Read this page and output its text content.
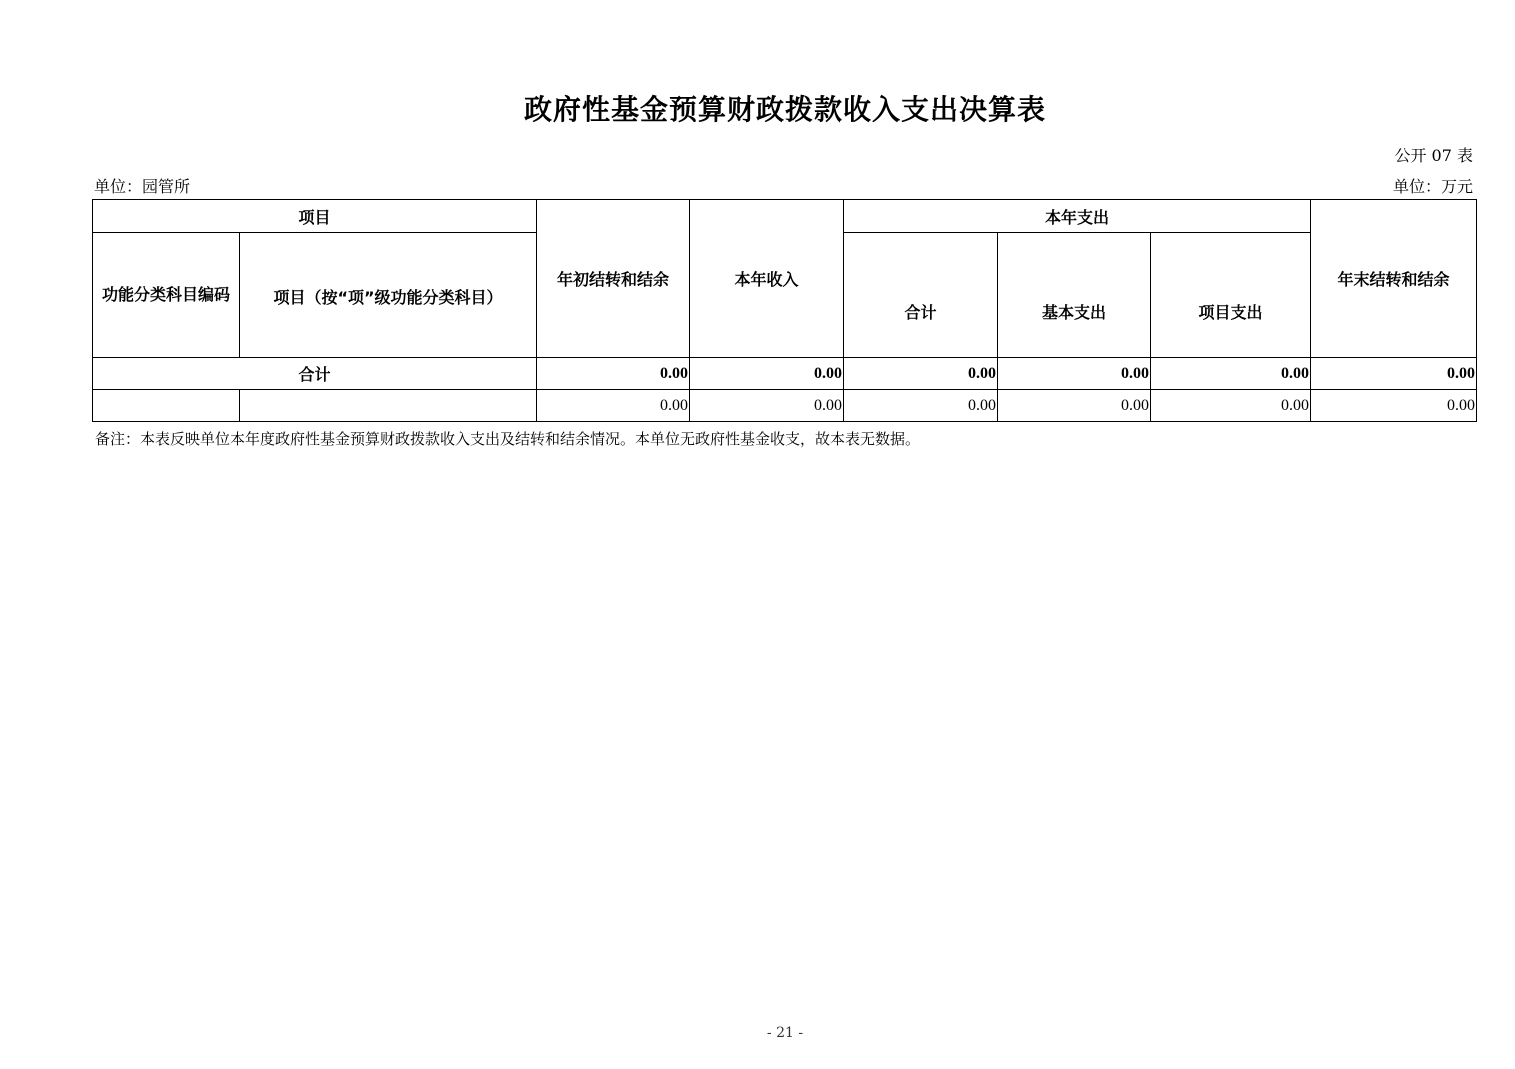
政府性基金预算财政拨款收入支出决算表
公开 07 表
单位：园管所	单位：万元
项目		年初结转和结余	本年收入	本年支出			年末结转和结余
功能分类科目编码	项目（按“项”级功能分类科目）			合计	基本支出	项目支出	
合计		0.00	0.00	0.00	0.00	0.00	0.00
		0.00	0.00	0.00	0.00	0.00	0.00
备注：本表反映单位本年度政府性基金预算财政拨款收入支出及结转和结余情况。本单位无政府性基金收支，故本表无数据。
- 21 -
